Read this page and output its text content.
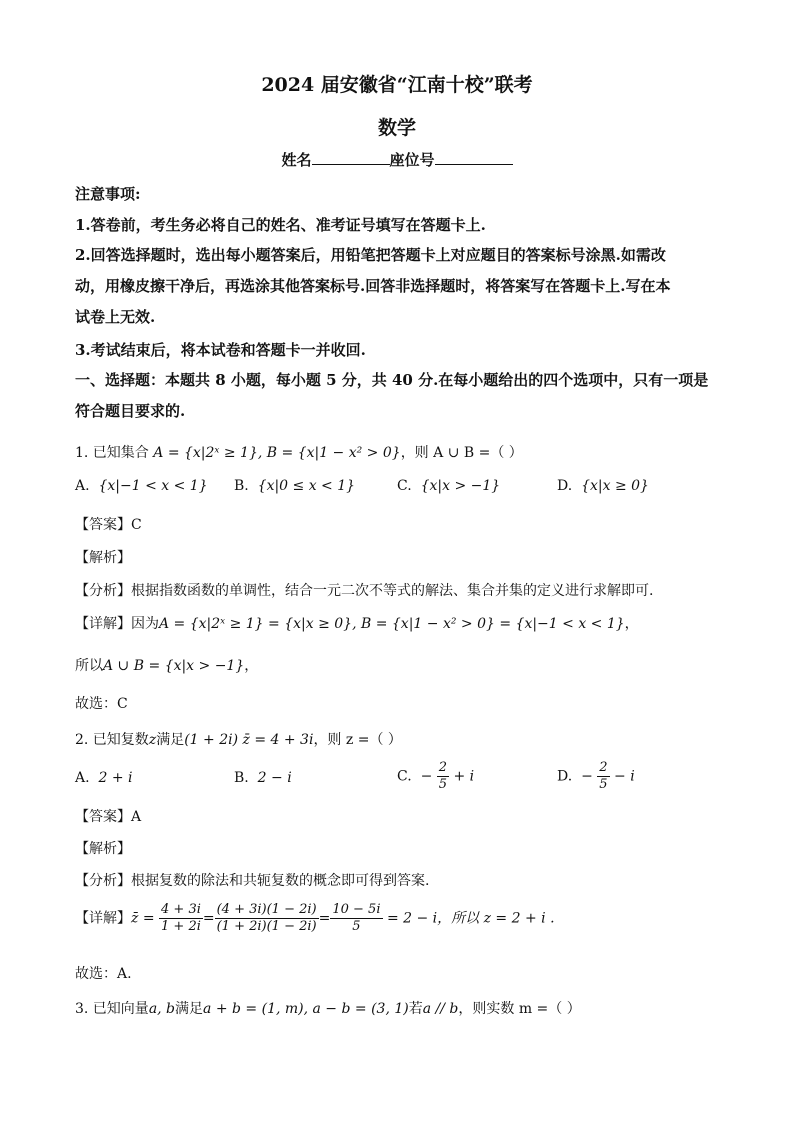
2024 届安徽省“江南十校”联考
数学
姓名	座位号
注意事项:
1.答卷前，考生务必将自己的姓名、准考证号填写在答题卡上.
2.回答选择题时，选出每小题答案后，用铅笔把答题卡上对应题目的答案标号涂黑.如需改
动，用橡皮擦干净后，再选涂其他答案标号.回答非选择题时，将答案写在答题卡上.写在本
试卷上无效.
3.考试结束后，将本试卷和答题卡一并收回.
一、选择题：本题共 8 小题，每小题 5 分，共 40 分.在每小题给出的四个选项中，只有一项是
符合题目要求的.
1. 已知集合 A = {x|2ˣ ≥ 1}, B = {x|1 − x² > 0}，则 A ∪ B =（ ）
A. {x|−1 < x < 1} B. {x|0 ≤ x < 1}	C. {x|x > −1}	D. {x|x ≥ 0}
【答案】C
【解析】
【分析】根据指数函数的单调性，结合一元二次不等式的解法、集合并集的定义进行求解即可.
【详解】因为A = {x|2ˣ ≥ 1} = {x|x ≥ 0}, B = {x|1 − x² > 0} = {x|−1 < x < 1}，
所以A ∪ B = {x|x > −1}，
故选：C
2. 已知复数z满足(1 + 2i) z̄ = 4 + 3i，则 z =（ ）
A. 2 + i	B. 2 − i	C. − $\frac{2}{5} + i$	D. − $\frac{2}{5} - i$
【答案】A
【解析】
【分析】根据复数的除法和共轭复数的概念即可得到答案.
【详解】z̄ = $\frac{4 + 3i}{1 + 2i} = \frac{(4 + 3i)(1 - 2i)}{(1 + 2i)(1 - 2i)} = \frac{10 - 5i}{5} = 2 - i$，所以 z = 2 + i .
故选：A.
3. 已知向量a, b满足a + b = (1, m), a − b = (3, 1)若a // b，则实数 m =（ ）
